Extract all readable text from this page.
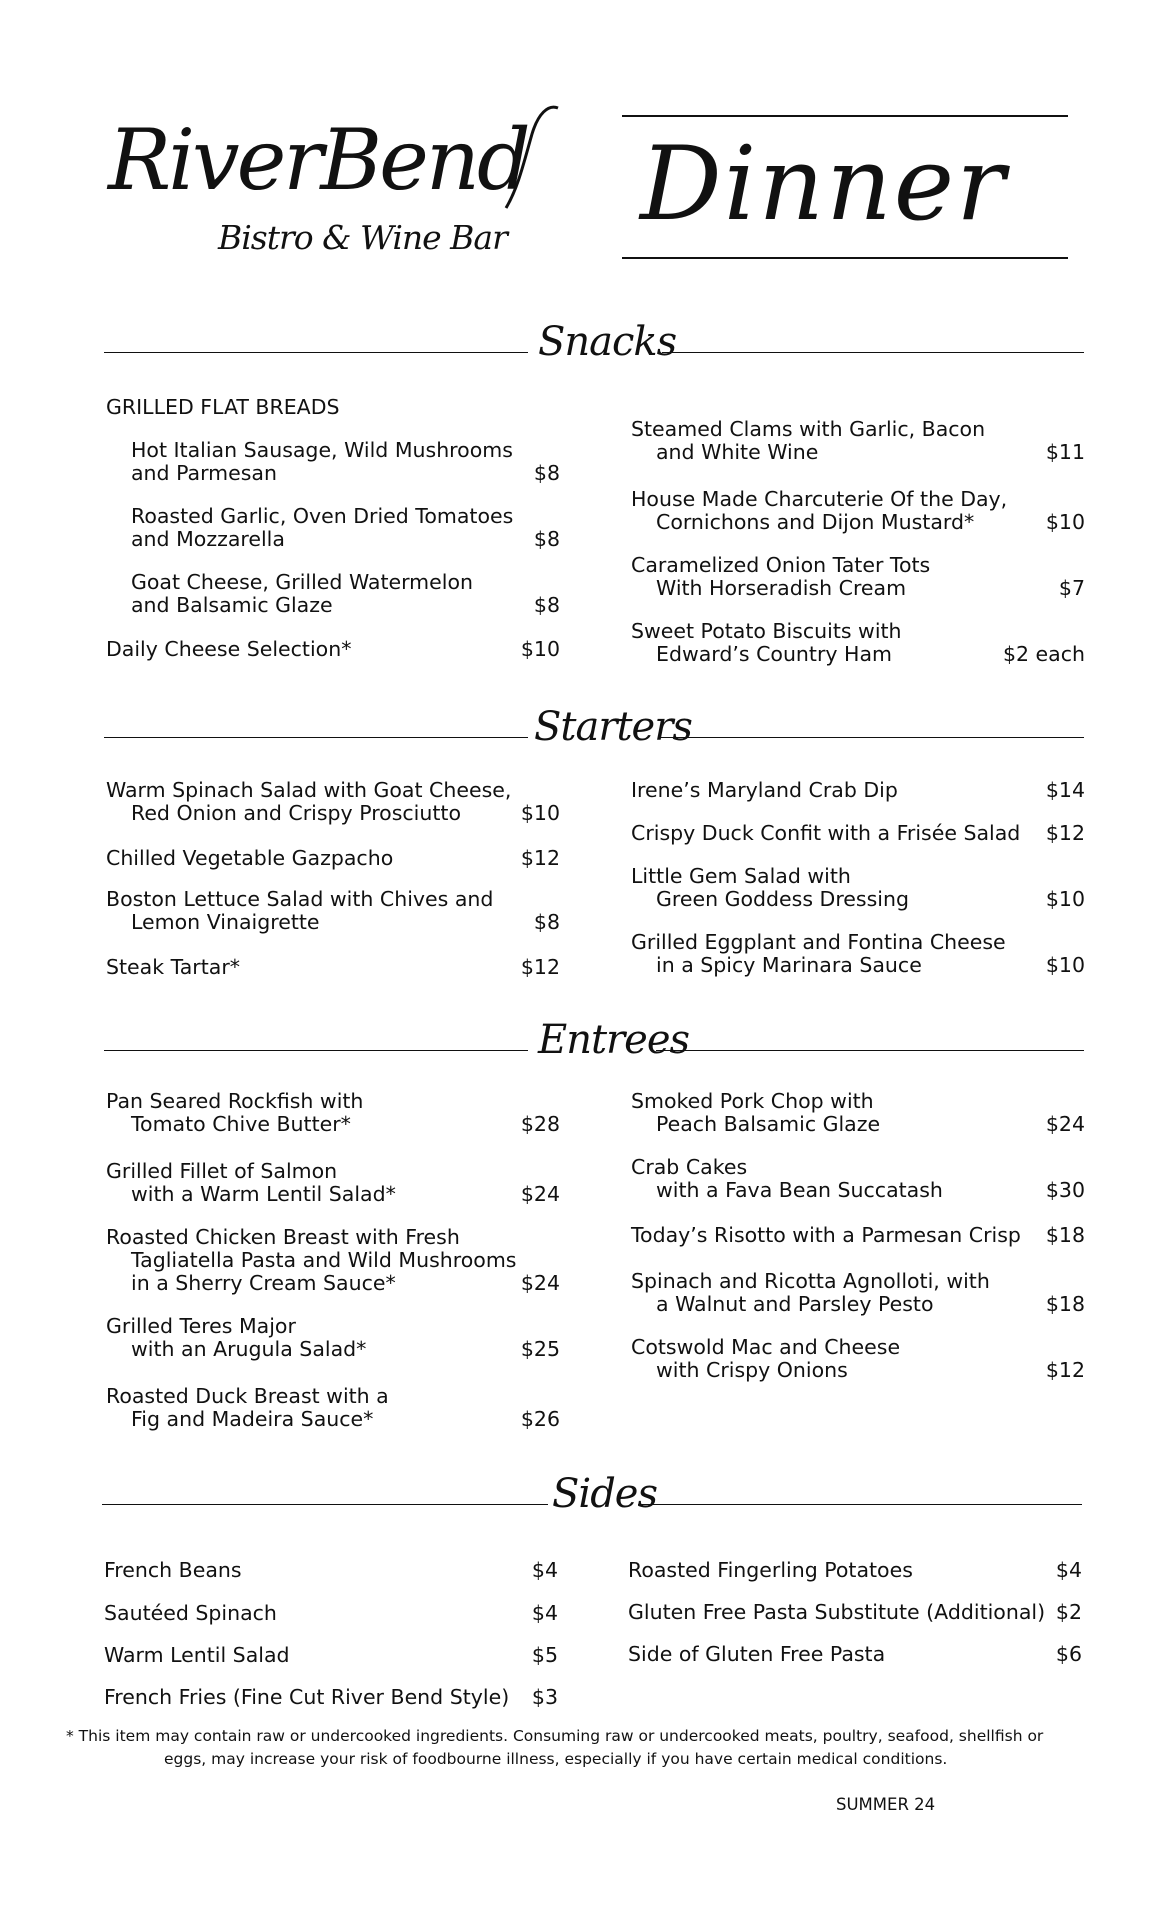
RiverBend
Bistro & Wine Bar Dinner
Snacks
GRILLED FLAT BREADS
Hot Italian Sausage, Wild Mushrooms
and Parmesan	$8
Roasted Garlic, Oven Dried Tomatoes
and Mozzarella	$8
Goat Cheese, Grilled Watermelon
and Balsamic Glaze	$8
Daily Cheese Selection*	$10
Steamed Clams with Garlic, Bacon
and White Wine	$11
House Made Charcuterie Of the Day,
Cornichons and Dijon Mustard*	$10
Caramelized Onion Tater Tots
With Horseradish Cream	$7
Sweet Potato Biscuits with
Edward’s Country Ham	$2 each
Starters
Warm Spinach Salad with Goat Cheese,
Red Onion and Crispy Prosciutto	$10
Chilled Vegetable Gazpacho	$12
Boston Lettuce Salad with Chives and
Lemon Vinaigrette	$8
Steak Tartar*	$12
Irene’s Maryland Crab Dip	$14
Crispy Duck Confit with a Frisée Salad	$12
Little Gem Salad with
Green Goddess Dressing	$10
Grilled Eggplant and Fontina Cheese
in a Spicy Marinara Sauce	$10
Entrees
Pan Seared Rockfish with
Tomato Chive Butter*	$28
Grilled Fillet of Salmon
with a Warm Lentil Salad*	$24
Roasted Chicken Breast with Fresh
Tagliatella Pasta and Wild Mushrooms
in a Sherry Cream Sauce*	$24
Grilled Teres Major
with an Arugula Salad*	$25
Roasted Duck Breast with a
Fig and Madeira Sauce*	$26
Smoked Pork Chop with
Peach Balsamic Glaze	$24
Crab Cakes
with a Fava Bean Succatash	$30
Today’s Risotto with a Parmesan Crisp	$18
Spinach and Ricotta Agnolloti, with
a Walnut and Parsley Pesto	$18
Cotswold Mac and Cheese
with Crispy Onions	$12
Sides
French Beans	$4
Sautéed Spinach	$4
Warm Lentil Salad	$5
French Fries (Fine Cut River Bend Style)	$3
Roasted Fingerling Potatoes	$4
Gluten Free Pasta Substitute (Additional) $2
Side of Gluten Free Pasta	$6
* This item may contain raw or undercooked ingredients. Consuming raw or undercooked meats, poultry, seafood, shellfish or
eggs, may increase your risk of foodbourne illness, especially if you have certain medical conditions.
SUMMER 24
